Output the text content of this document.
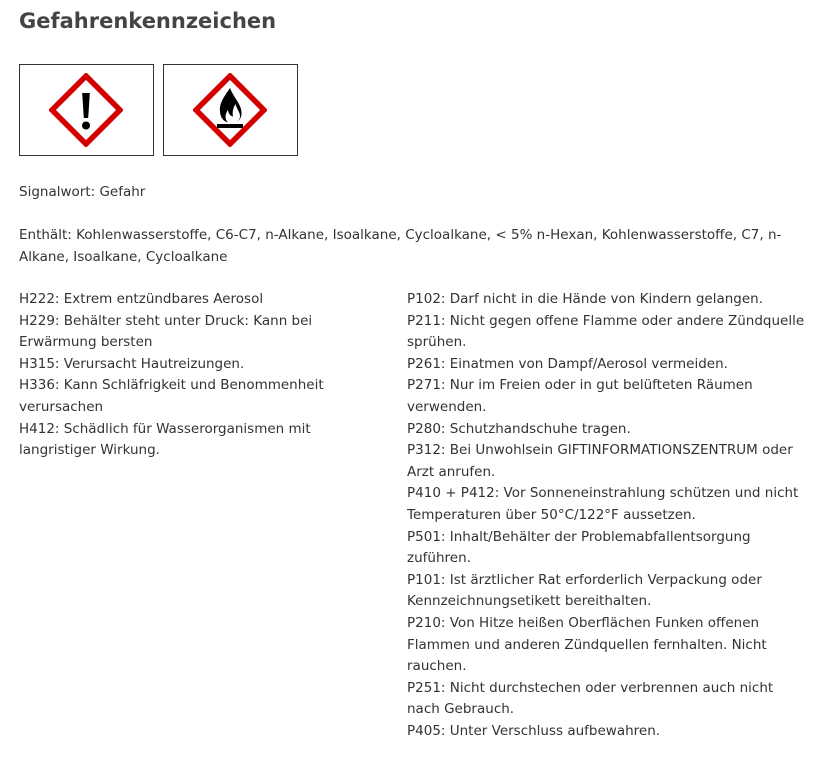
Gefahrenkennzeichen
Signalwort: Gefahr
Enthält: Kohlenwasserstoffe, C6-C7, n-Alkane, Isoalkane, Cycloalkane, < 5% n-Hexan, Kohlenwasserstoffe, C7, n-Alkane, Isoalkane, Cycloalkane
H222: Extrem entzündbares Aerosol
H229: Behälter steht unter Druck: Kann bei Erwärmung bersten
H315: Verursacht Hautreizungen.
H336: Kann Schläfrigkeit und Benommenheit verursachen
H412: Schädlich für Wasserorganismen mit langristiger Wirkung.
P102: Darf nicht in die Hände von Kindern gelangen.
P211: Nicht gegen offene Flamme oder andere Zündquelle sprühen.
P261: Einatmen von Dampf/Aerosol vermeiden.
P271: Nur im Freien oder in gut belüfteten Räumen verwenden.
P280: Schutzhandschuhe tragen.
P312: Bei Unwohlsein GIFTINFORMATIONSZENTRUM oder Arzt anrufen.
P410 + P412: Vor Sonneneinstrahlung schützen und nicht Temperaturen über 50°C/122°F aussetzen.
P501: Inhalt/Behälter der Problemabfallentsorgung zuführen.
P101: Ist ärztlicher Rat erforderlich Verpackung oder Kennzeichnungsetikett bereithalten.
P210: Von Hitze heißen Oberflächen Funken offenen Flammen und anderen Zündquellen fernhalten. Nicht rauchen.
P251: Nicht durchstechen oder verbrennen auch nicht nach Gebrauch.
P405: Unter Verschluss aufbewahren.
